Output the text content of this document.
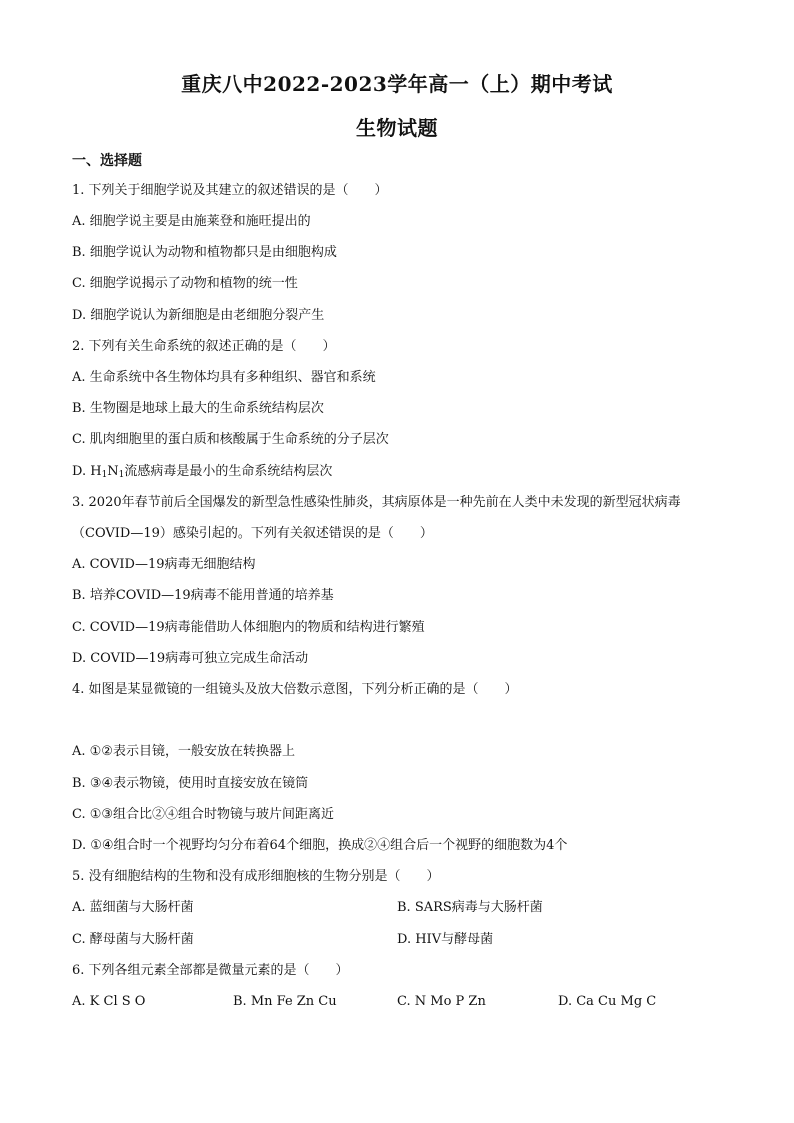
重庆八中2022-2023学年高一（上）期中考试
生物试题
一、选择题
1. 下列关于细胞学说及其建立的叙述错误的是（　　）
A. 细胞学说主要是由施莱登和施旺提出的
B. 细胞学说认为动物和植物都只是由细胞构成
C. 细胞学说揭示了动物和植物的统一性
D. 细胞学说认为新细胞是由老细胞分裂产生
2. 下列有关生命系统的叙述正确的是（　　）
A. 生命系统中各生物体均具有多种组织、器官和系统
B. 生物圈是地球上最大的生命系统结构层次
C. 肌肉细胞里的蛋白质和核酸属于生命系统的分子层次
D. $H_1N_1$流感病毒是最小的生命系统结构层次
3. 2020年春节前后全国爆发的新型急性感染性肺炎，其病原体是一种先前在人类中未发现的新型冠状病毒
（COVID—19）感染引起的。下列有关叙述错误的是（　　）
A. COVID—19病毒无细胞结构
B. 培养COVID—19病毒不能用普通的培养基
C. COVID—19病毒能借助人体细胞内的物质和结构进行繁殖
D. COVID—19病毒可独立完成生命活动
4. 如图是某显微镜的一组镜头及放大倍数示意图，下列分析正确的是（　　）
A. ①②表示目镜，一般安放在转换器上
B. ③④表示物镜，使用时直接安放在镜筒
C. ①③组合比②④组合时物镜与玻片间距离近
D. ①④组合时一个视野均匀分布着64个细胞，换成②④组合后一个视野的细胞数为4个
5. 没有细胞结构的生物和没有成形细胞核的生物分别是（　　）
A. 蓝细菌与大肠杆菌	B. SARS病毒与大肠杆菌
C. 酵母菌与大肠杆菌	D. HIV与酵母菌
6. 下列各组元素全部都是微量元素的是（　　）
A. K Cl S O	B. Mn Fe Zn Cu	C. N Mo P Zn	D. Ca Cu Mg C
